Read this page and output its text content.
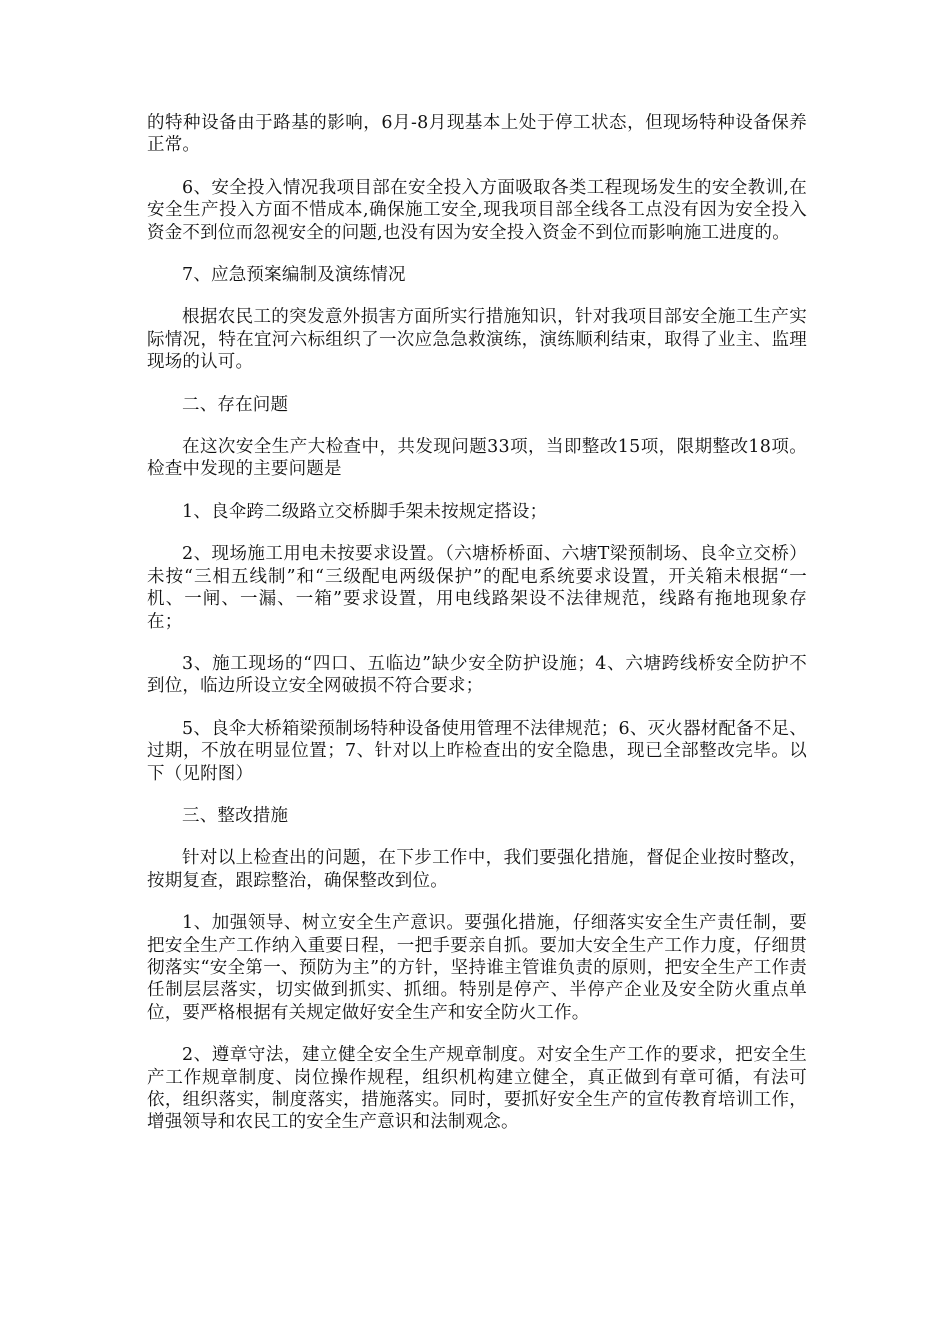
的特种设备由于路基的影响，6月-8月现基本上处于停工状态，但现场特种设备保养正常。

6、安全投入情况我项目部在安全投入方面吸取各类工程现场发生的安全教训,在安全生产投入方面不惜成本,确保施工安全,现我项目部全线各工点没有因为安全投入资金不到位而忽视安全的问题,也没有因为安全投入资金不到位而影响施工进度的。

7、应急预案编制及演练情况

根据农民工的突发意外损害方面所实行措施知识，针对我项目部安全施工生产实际情况，特在宜河六标组织了一次应急急救演练，演练顺利结束，取得了业主、监理现场的认可。

二、存在问题

在这次安全生产大检查中，共发现问题33项，当即整改15项，限期整改18项。检查中发现的主要问题是

1、良伞跨二级路立交桥脚手架未按规定搭设；

2、现场施工用电未按要求设置。（六塘桥桥面、六塘T梁预制场、良伞立交桥）未按“三相五线制”和“三级配电两级保护”的配电系统要求设置，开关箱未根据“一机、一闸、一漏、一箱”要求设置，用电线路架设不法律规范，线路有拖地现象存在；

3、施工现场的“四口、五临边”缺少安全防护设施；4、六塘跨线桥安全防护不到位，临边所设立安全网破损不符合要求；

5、良伞大桥箱梁预制场特种设备使用管理不法律规范；6、灭火器材配备不足、过期，不放在明显位置；7、针对以上昨检查出的安全隐患，现已全部整改完毕。以下（见附图）

三、整改措施

针对以上检查出的问题，在下步工作中，我们要强化措施，督促企业按时整改，按期复查，跟踪整治，确保整改到位。

1、加强领导、树立安全生产意识。要强化措施，仔细落实安全生产责任制，要把安全生产工作纳入重要日程，一把手要亲自抓。要加大安全生产工作力度，仔细贯彻落实“安全第一、预防为主”的方针，坚持谁主管谁负责的原则，把安全生产工作责任制层层落实，切实做到抓实、抓细。特别是停产、半停产企业及安全防火重点单位，要严格根据有关规定做好安全生产和安全防火工作。

2、遵章守法，建立健全安全生产规章制度。对安全生产工作的要求，把安全生产工作规章制度、岗位操作规程，组织机构建立健全，真正做到有章可循，有法可依，组织落实，制度落实，措施落实。同时，要抓好安全生产的宣传教育培训工作，增强领导和农民工的安全生产意识和法制观念。
